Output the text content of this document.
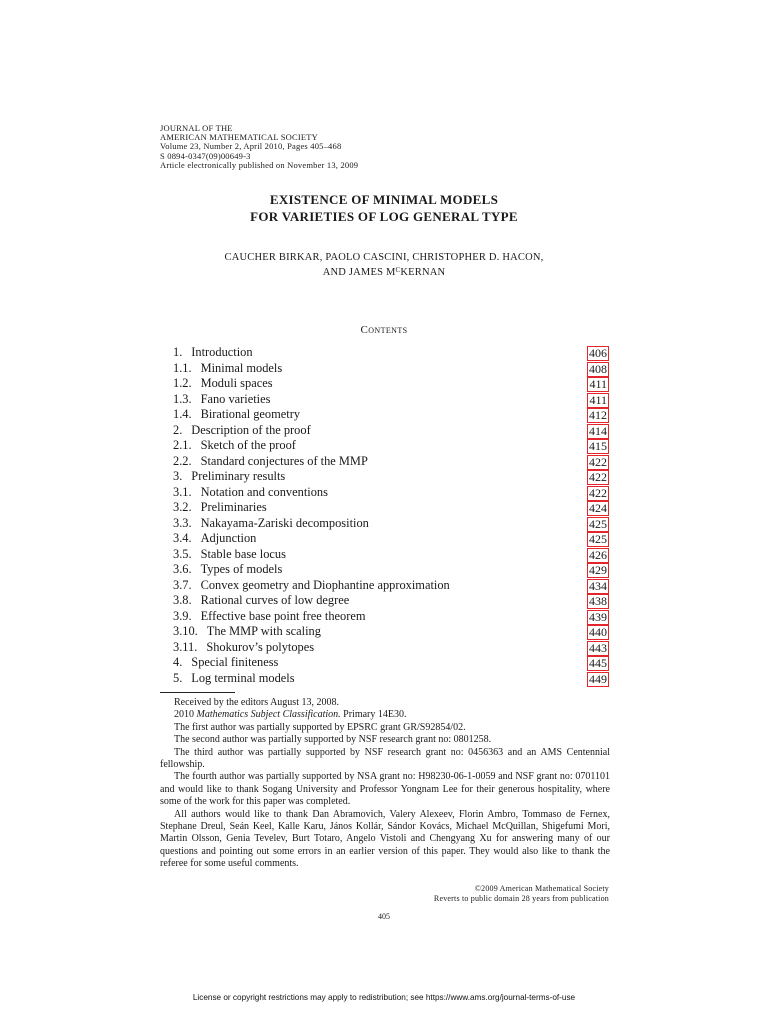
JOURNAL OF THE
AMERICAN MATHEMATICAL SOCIETY
Volume 23, Number 2, April 2010, Pages 405–468
S 0894-0347(09)00649-3
Article electronically published on November 13, 2009
EXISTENCE OF MINIMAL MODELS
FOR VARIETIES OF LOG GENERAL TYPE
CAUCHER BIRKAR, PAOLO CASCINI, CHRISTOPHER D. HACON,
AND JAMES $M^CKERNAN$
Contents
1. Introduction	406
1.1. Minimal models	408
1.2. Moduli spaces	411
1.3. Fano varieties	411
1.4. Birational geometry	412
2. Description of the proof	414
2.1. Sketch of the proof	415
2.2. Standard conjectures of the MMP	422
3. Preliminary results	422
3.1. Notation and conventions	422
3.2. Preliminaries	424
3.3. Nakayama-Zariski decomposition	425
3.4. Adjunction	425
3.5. Stable base locus	426
3.6. Types of models	429
3.7. Convex geometry and Diophantine approximation	434
3.8. Rational curves of low degree	438
3.9. Effective base point free theorem	439
3.10. The MMP with scaling	440
3.11. Shokurov’s polytopes	443
4. Special finiteness	445
5. Log terminal models	449

Received by the editors August 13, 2008.

2010 Mathematics Subject Classification. Primary 14E30.

The first author was partially supported by EPSRC grant GR/S92854/02.

The second author was partially supported by NSF research grant no: 0801258.

The third author was partially supported by NSF research grant no: 0456363 and an AMS Centennial fellowship.

The fourth author was partially supported by NSA grant no: H98230-06-1-0059 and NSF grant no: 0701101 and would like to thank Sogang University and Professor Yongnam Lee for their generous hospitality, where some of the work for this paper was completed.

All authors would like to thank Dan Abramovich, Valery Alexeev, Florin Ambro, Tommaso de Fernex, Stephane Dreul, Seán Keel, Kalle Karu, János Kollár, Sándor Kovács, Michael McQuillan, Shigefumi Mori, Martin Olsson, Genia Tevelev, Burt Totaro, Angelo Vistoli and Chengyang Xu for answering many of our questions and pointing out some errors in an earlier version of this paper. They would also like to thank the referee for some useful comments.

©2009 American Mathematical Society
Reverts to public domain 28 years from publication
405
License or copyright restrictions may apply to redistribution; see https://www.ams.org/journal-terms-of-use
